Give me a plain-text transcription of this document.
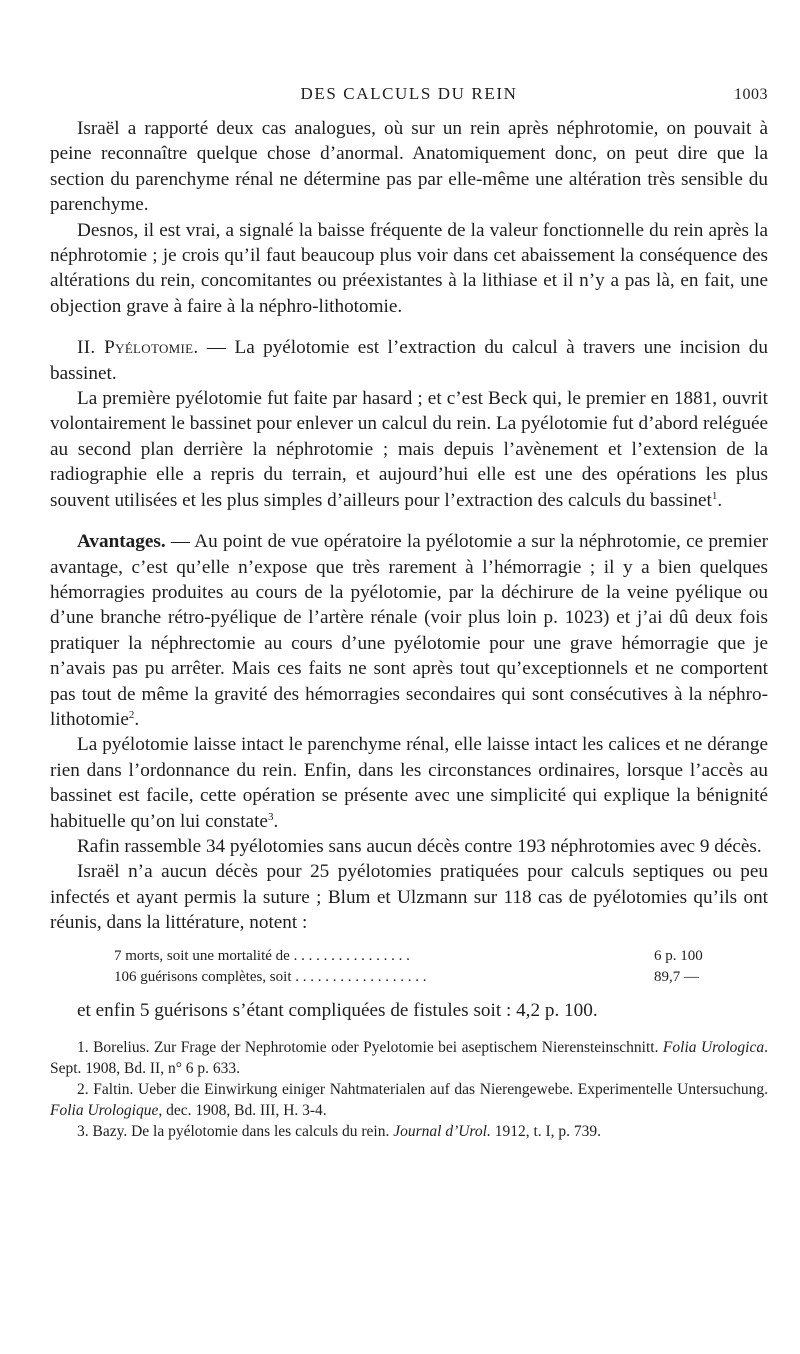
DES CALCULS DU REIN	1003

Israël a rapporté deux cas analogues, où sur un rein après néphrotomie, on pouvait à peine reconnaître quelque chose d’anormal. Anatomiquement donc, on peut dire que la section du parenchyme rénal ne détermine pas par elle-même une altération très sensible du parenchyme.

Desnos, il est vrai, a signalé la baisse fréquente de la valeur fonctionnelle du rein après la néphrotomie ; je crois qu’il faut beaucoup plus voir dans cet abaissement la conséquence des altérations du rein, concomitantes ou préexistantes à la lithiase et il n’y a pas là, en fait, une objection grave à faire à la néphro-lithotomie.

II. Pyélotomie. — La pyélotomie est l’extraction du calcul à travers une incision du bassinet.

La première pyélotomie fut faite par hasard ; et c’est Beck qui, le premier en 1881, ouvrit volontairement le bassinet pour enlever un calcul du rein. La pyélotomie fut d’abord reléguée au second plan derrière la néphrotomie ; mais depuis l’avènement et l’extension de la radiographie elle a repris du terrain, et aujourd’hui elle est une des opérations les plus souvent utilisées et les plus simples d’ailleurs pour l’extraction des calculs du bassinet$^1$.

Avantages. — Au point de vue opératoire la pyélotomie a sur la néphrotomie, ce premier avantage, c’est qu’elle n’expose que très rarement à l’hémorragie ; il y a bien quelques hémorragies produites au cours de la pyélotomie, par la déchirure de la veine pyélique ou d’une branche rétro-pyélique de l’artère rénale (voir plus loin p. 1023) et j’ai dû deux fois pratiquer la néphrectomie au cours d’une pyélotomie pour une grave hémorragie que je n’avais pas pu arrêter. Mais ces faits ne sont après tout qu’exceptionnels et ne comportent pas tout de même la gravité des hémorragies secondaires qui sont consécutives à la néphro-lithotomie$^2$.

La pyélotomie laisse intact le parenchyme rénal, elle laisse intact les calices et ne dérange rien dans l’ordonnance du rein. Enfin, dans les circonstances ordinaires, lorsque l’accès au bassinet est facile, cette opération se présente avec une simplicité qui explique la bénignité habituelle qu’on lui constate$^3$.

Rafin rassemble 34 pyélotomies sans aucun décès contre 193 néphrotomies avec 9 décès.

Israël n’a aucun décès pour 25 pyélotomies pratiquées pour calculs septiques ou peu infectés et ayant permis la suture ; Blum et Ulzmann sur 118 cas de pyélotomies qu’ils ont réunis, dans la littérature, notent :

7 morts, soit une mortalité de . . . . . . . . . . . . . . . .	6 p. 100
106 guérisons complètes, soit . . . . . . . . . . . . . . . . . .	89,7 —

et enfin 5 guérisons s’étant compliquées de fistules soit : 4,2 p. 100.

1. Borelius. Zur Frage der Nephrotomie oder Pyelotomie bei aseptischem Nierensteinschnitt. Folia Urologica. Sept. 1908, Bd. II, n° 6 p. 633.

2. Faltin. Ueber die Einwirkung einiger Nahtmaterialen auf das Nierengewebe. Experimentelle Untersuchung. Folia Urologique, dec. 1908, Bd. III, H. 3-4.

3. Bazy. De la pyélotomie dans les calculs du rein. Journal d’Urol. 1912, t. I, p. 739.
